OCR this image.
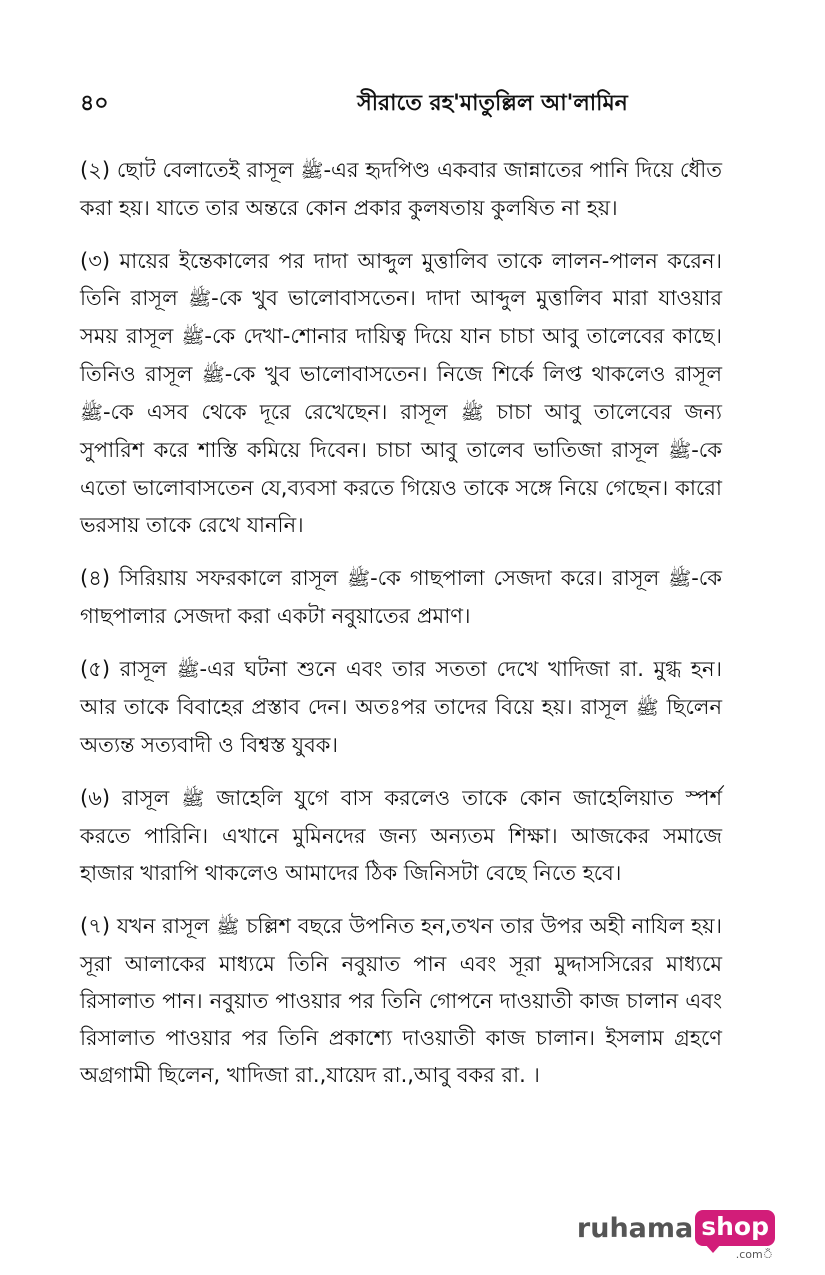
৪০	সীরাতে রহ'মাতুল্লিল আ'লামিন

(২) ছোট বেলাতেই রাসূল ﷺ-এর হৃদপিণ্ড একবার জান্নাতের পানি দিয়ে ধৌত করা হয়। যাতে তার অন্তরে কোন প্রকার কুলষতায় কুলষিত না হয়।

(৩) মায়ের ইন্তেকালের পর দাদা আব্দুল মুত্তালিব তাকে লালন-পালন করেন। তিনি রাসূল ﷺ-কে খুব ভালোবাসতেন। দাদা আব্দুল মুত্তালিব মারা যাওয়ার সময় রাসূল ﷺ-কে দেখা-শোনার দায়িত্ব দিয়ে যান চাচা আবু তালেবের কাছে। তিনিও রাসূল ﷺ-কে খুব ভালোবাসতেন। নিজে শির্কে লিপ্ত থাকলেও রাসূল ﷺ-কে এসব থেকে দূরে রেখেছেন। রাসূল ﷺ চাচা আবু তালেবের জন্য সুপারিশ করে শাস্তি কমিয়ে দিবেন। চাচা আবু তালেব ভাতিজা রাসূল ﷺ-কে এতো ভালোবাসতেন যে,ব্যবসা করতে গিয়েও তাকে সঙ্গে নিয়ে গেছেন। কারো ভরসায় তাকে রেখে যাননি।

(৪) সিরিয়ায় সফরকালে রাসূল ﷺ-কে গাছপালা সেজদা করে। রাসূল ﷺ-কে গাছপালার সেজদা করা একটা নবুয়াতের প্রমাণ।

(৫) রাসূল ﷺ-এর ঘটনা শুনে এবং তার সততা দেখে খাদিজা রা. মুগ্ধ হন। আর তাকে বিবাহের প্রস্তাব দেন। অতঃপর তাদের বিয়ে হয়। রাসূল ﷺ ছিলেন অত্যন্ত সত্যবাদী ও বিশ্বস্ত যুবক।

(৬) রাসূল ﷺ জাহেলি যুগে বাস করলেও তাকে কোন জাহেলিয়াত স্পর্শ করতে পারিনি। এখানে মুমিনদের জন্য অন্যতম শিক্ষা। আজকের সমাজে হাজার খারাপি থাকলেও আমাদের ঠিক জিনিসটা বেছে নিতে হবে।

(৭) যখন রাসূল ﷺ চল্লিশ বছরে উপনিত হন,তখন তার উপর অহী নাযিল হয়। সূরা আলাকের মাধ্যমে তিনি নবুয়াত পান এবং সূরা মুদ্দাসসিরের মাধ্যমে রিসালাত পান। নবুয়াত পাওয়ার পর তিনি গোপনে দাওয়াতী কাজ চালান এবং রিসালাত পাওয়ার পর তিনি প্রকাশ্যে দাওয়াতী কাজ চালান। ইসলাম গ্রহণে অগ্রগামী ছিলেন, খাদিজা রা.,যায়েদ রা.,আবু বকর রা. ।

ruhama shop
.comঁ
